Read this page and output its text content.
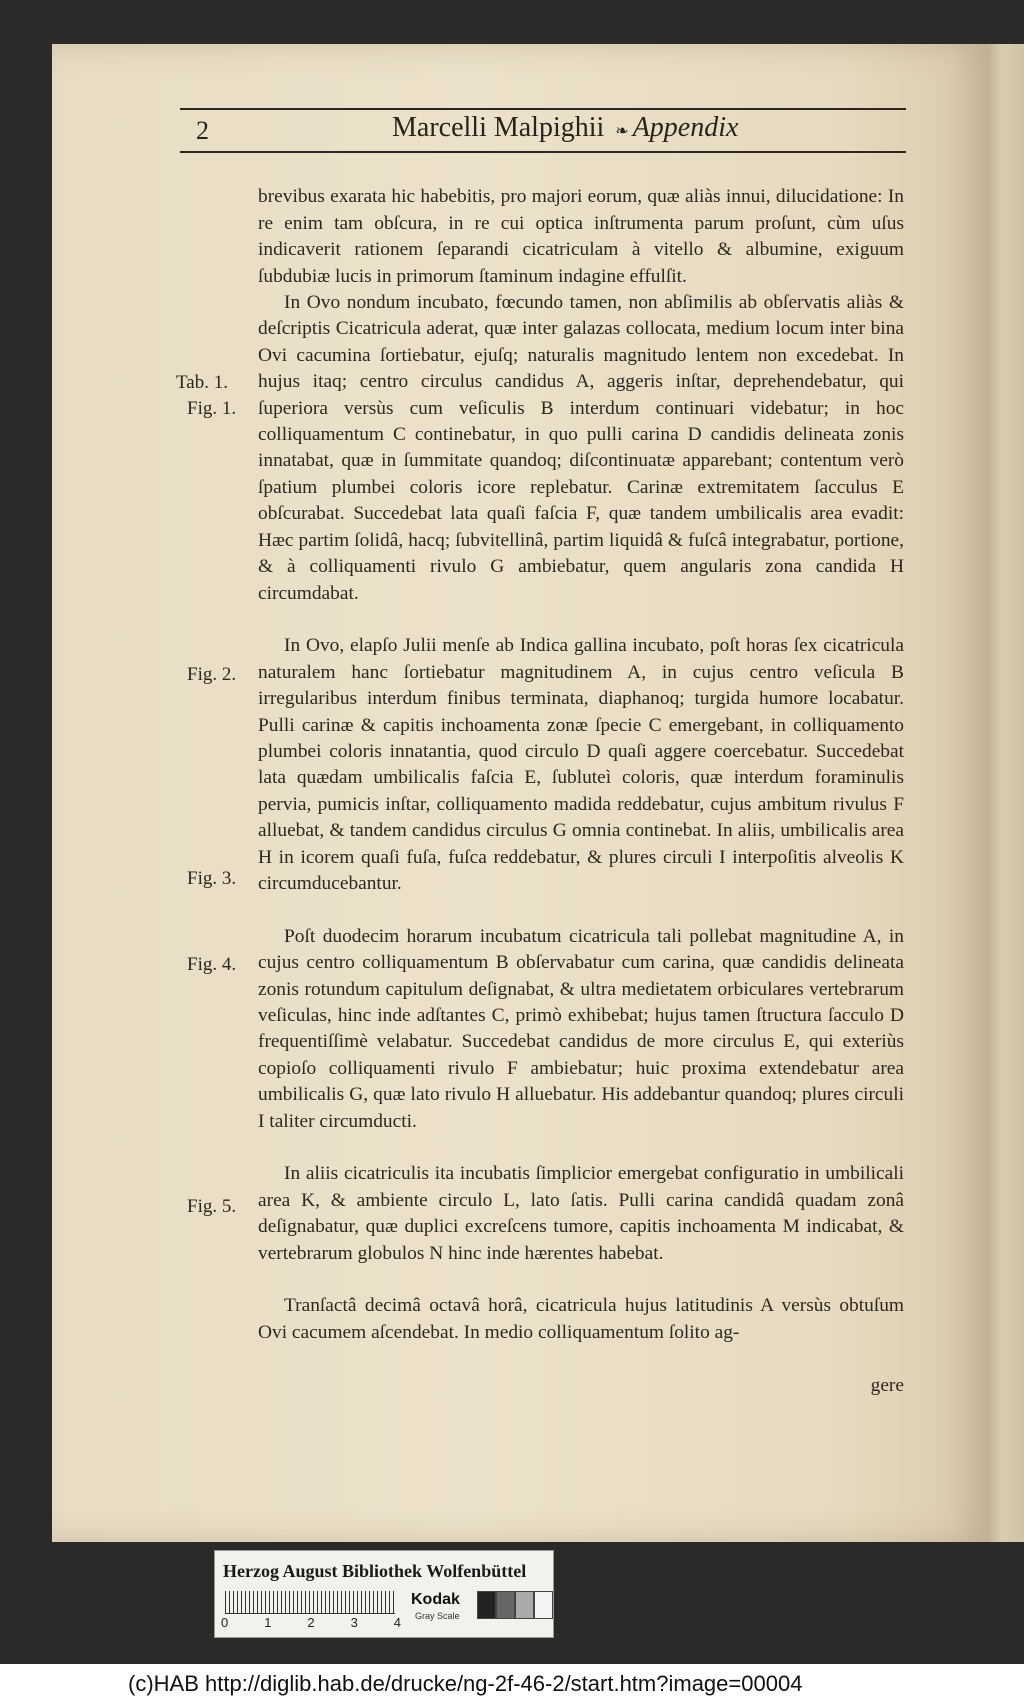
2	Marcelli Malpighii ❧ Appendix
Tab. 1.
Fig. 1.
Fig. 2.
Fig. 3.
Fig. 4.
Fig. 5.

brevibus exarata hic habebitis, pro majori eorum, quæ aliàs innui, dilucidatione: In re enim tam obſcura, in re cui optica inſtrumenta parum proſunt, cùm uſus indicaverit rationem ſeparandi cicatriculam à vitello & albumine, exiguum ſubdubiæ lucis in primorum ſtaminum indagine effulſit.

In Ovo nondum incubato, fœcundo tamen, non abſimilis ab obſervatis aliàs & deſcriptis Cicatricula aderat, quæ inter galazas collocata, medium locum inter bina Ovi cacumina ſortiebatur, ejuſq; naturalis magnitudo lentem non excedebat. In hujus itaq; centro circulus candidus A, aggeris inſtar, deprehendebatur, qui ſuperiora versùs cum veſiculis B interdum continuari videbatur; in hoc colliquamentum C continebatur, in quo pulli carina D candidis delineata zonis innatabat, quæ in ſummitate quandoq; diſcontinuatæ apparebant; contentum verò ſpatium plumbei coloris icore replebatur. Carinæ extremitatem ſacculus E obſcurabat. Succedebat lata quaſi faſcia F, quæ tandem umbilicalis area evadit: Hæc partim ſolidâ, hacq; ſubvitellinâ, partim liquidâ & fuſcâ integrabatur, portione, & à colliquamenti rivulo G ambiebatur, quem angularis zona candida H circumdabat.

In Ovo, elapſo Julii menſe ab Indica gallina incubato, poſt horas ſex cicatricula naturalem hanc ſortiebatur magnitudinem A, in cujus centro veſicula B irregularibus interdum finibus terminata, diaphanoq; turgida humore locabatur. Pulli carinæ & capitis inchoamenta zonæ ſpecie C emergebant, in colliquamento plumbei coloris innatantia, quod circulo D quaſi aggere coercebatur. Succedebat lata quædam umbilicalis faſcia E, ſubluteì coloris, quæ interdum foraminulis pervia, pumicis inſtar, colliquamento madida reddebatur, cujus ambitum rivulus F alluebat, & tandem candidus circulus G omnia continebat. In aliis, umbilicalis area H in icorem quaſi fuſa, fuſca reddebatur, & plures circuli I interpoſitis alveolis K circumducebantur.

Poſt duodecim horarum incubatum cicatricula tali pollebat magnitudine A, in cujus centro colliquamentum B obſervabatur cum carina, quæ candidis delineata zonis rotundum capitulum deſignabat, & ultra medietatem orbiculares vertebrarum veſiculas, hinc inde adſtantes C, primò exhibebat; hujus tamen ſtructura ſacculo D frequentiſſimè velabatur. Succedebat candidus de more circulus E, qui exteriùs copioſo colliquamenti rivulo F ambiebatur; huic proxima extendebatur area umbilicalis G, quæ lato rivulo H alluebatur. His addebantur quandoq; plures circuli I taliter circumducti.

In aliis cicatriculis ita incubatis ſimplicior emergebat configuratio in umbilicali area K, & ambiente circulo L, lato ſatis. Pulli carina candidâ quadam zonâ deſignabatur, quæ duplici excreſcens tumore, capitis inchoamenta M indicabat, & vertebrarum globulos N hinc inde hærentes habebat.

Tranſactâ decimâ octavâ horâ, cicatricula hujus latitudinis A versùs obtuſum Ovi cacumem aſcendebat. In medio colliquamentum ſolito ag-

gere

Herzog August Bibliothek Wolfenbüttel
0	1	2	3	4
Kodak
Gray Scale
(c)HAB http://diglib.hab.de/drucke/ng-2f-46-2/start.htm?image=00004
